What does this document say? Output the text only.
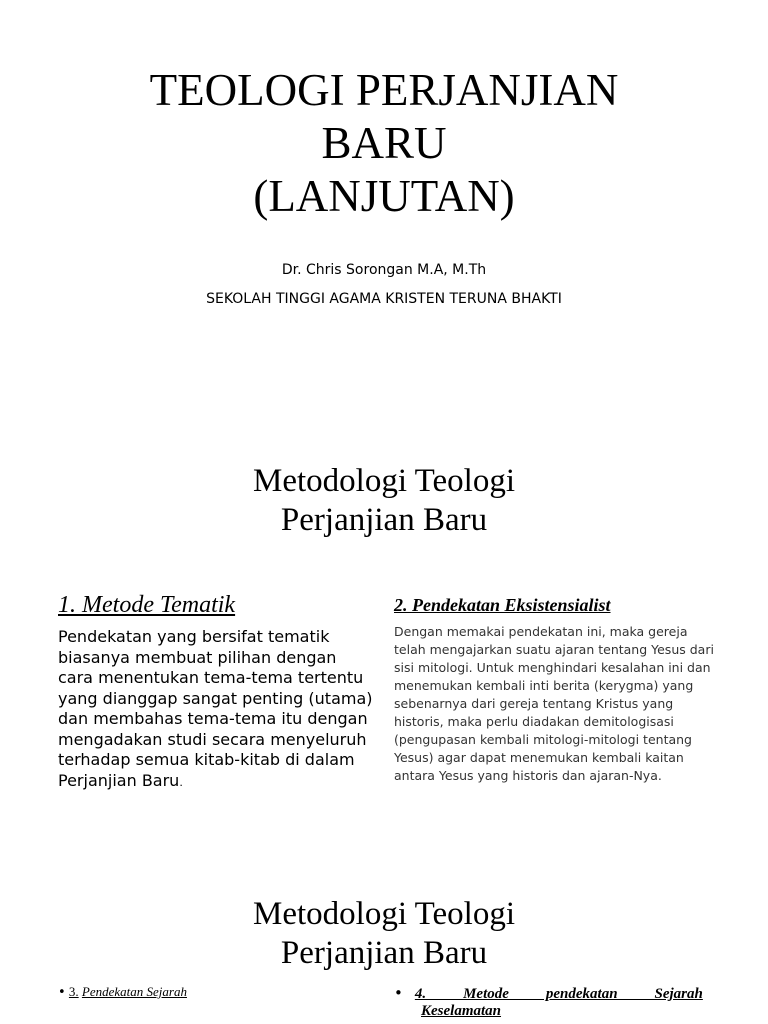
TEOLOGI PERJANJIAN
BARU
(LANJUTAN)
Dr. Chris Sorongan M.A, M.Th
SEKOLAH TINGGI AGAMA KRISTEN TERUNA BHAKTI
Metodologi Teologi
Perjanjian Baru
1. Metode Tematik
Pendekatan yang bersifat tematik biasanya membuat pilihan dengan cara menentukan tema-tema tertentu yang dianggap sangat penting (utama) dan membahas tema-tema itu dengan mengadakan studi secara menyeluruh terhadap semua kitab-kitab di dalam Perjanjian Baru.
2. Pendekatan Eksistensialist
Dengan memakai pendekatan ini, maka gereja telah mengajarkan suatu ajaran tentang Yesus dari sisi mitologi. Untuk menghindari kesalahan ini dan menemukan kembali inti berita (kerygma) yang sebenarnya dari gereja tentang Kristus yang historis, maka perlu diadakan demitologisasi (pengupasan kembali mitologi-mitologi tentang Yesus) agar dapat menemukan kembali kaitan antara Yesus yang historis dan ajaran-Nya.
Metodologi Teologi
Perjanjian Baru
• 3. Pendekatan Sejarah	• 4. Metode pendekatan Sejarah
Keselamatan
